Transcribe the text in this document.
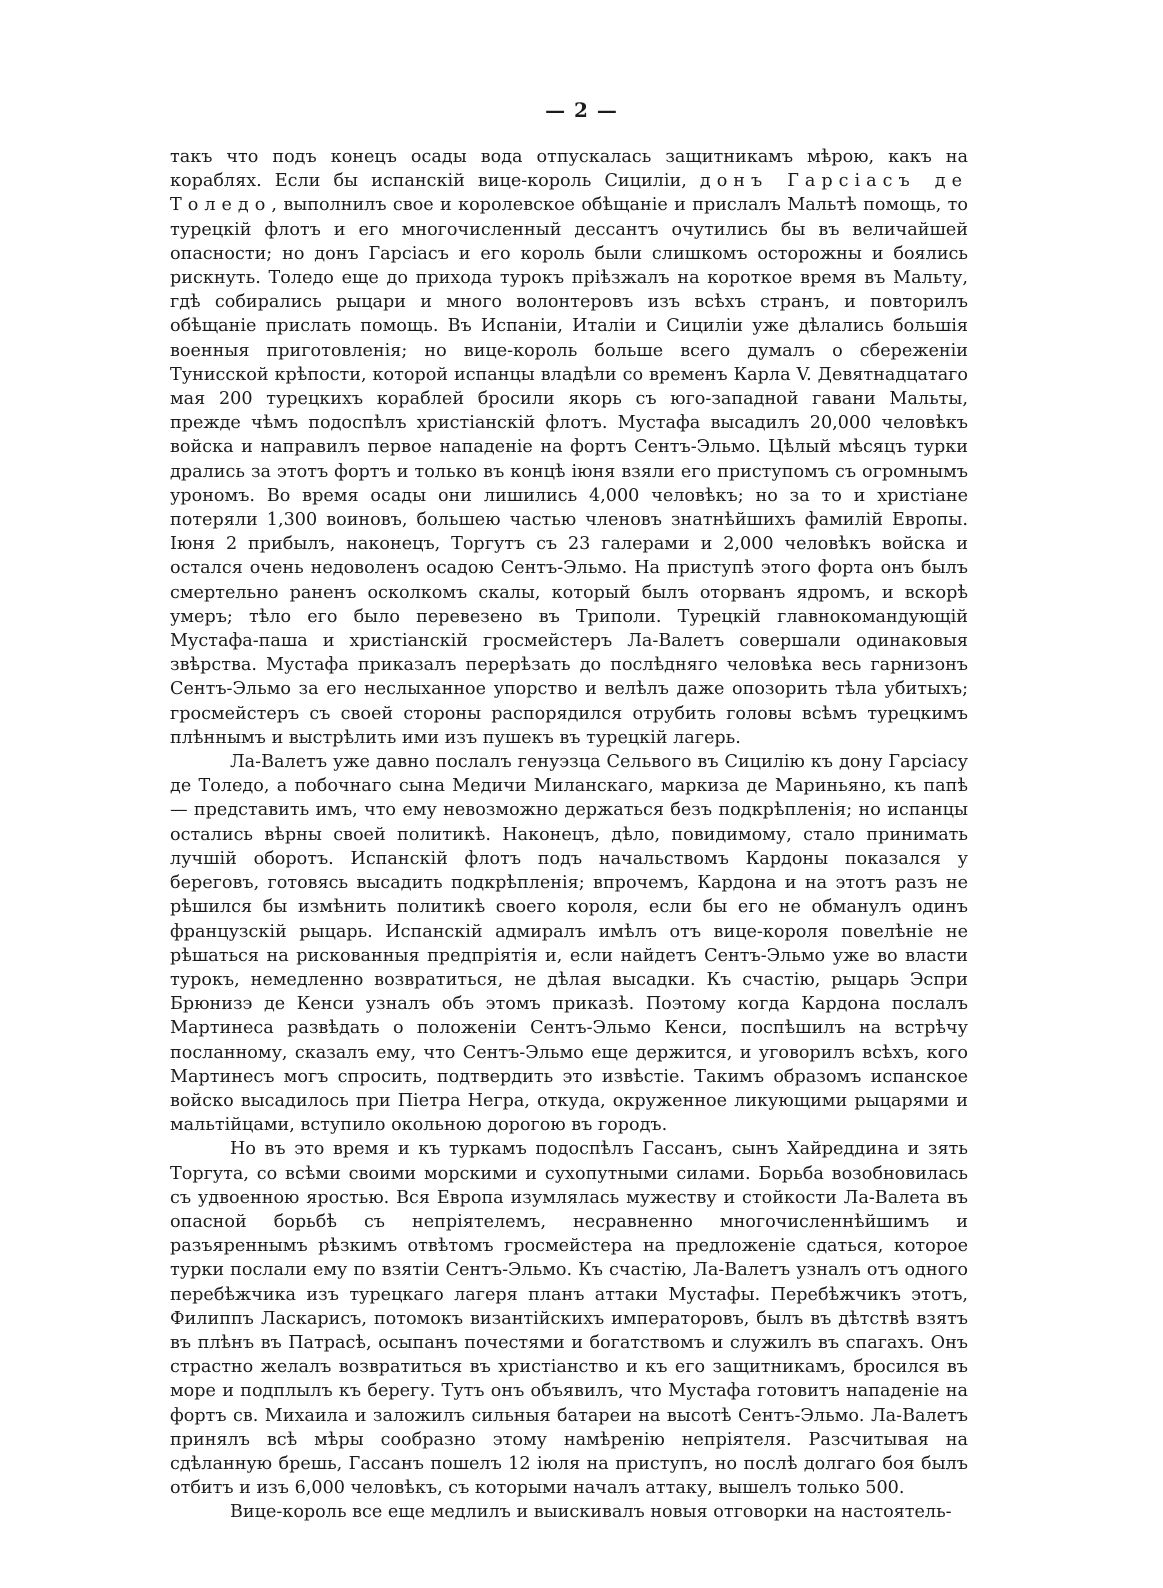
— 2 —

такъ что подъ конецъ осады вода отпускалась защитникамъ мѣрою, какъ на кораблях. Если бы испанскій вице-король Сициліи, донъ Гарсіасъ де Толедо, выполнилъ свое и королевское обѣщаніе и прислалъ Мальтѣ помощь, то турецкій флотъ и его многочисленный дессантъ очутились бы въ величайшей опасности; но донъ Гарсіасъ и его король были слишкомъ осторожны и боялись рискнуть. Толедо еще до прихода турокъ пріѣзжалъ на короткое время въ Мальту, гдѣ собирались рыцари и много волонтеровъ изъ всѣхъ странъ, и повторилъ обѣщаніе прислать помощь. Въ Испаніи, Италіи и Сициліи уже дѣлались большія военныя приготовленія; но вице-король больше всего думалъ о сбереженіи Тунисской крѣпости, которой испанцы владѣли со временъ Карла V. Девятнадцатаго мая 200 турецкихъ кораблей бросили якорь съ юго-западной гавани Мальты, прежде чѣмъ подоспѣлъ христіанскій флотъ. Мустафа высадилъ 20,000 человѣкъ войска и направилъ первое нападеніе на фортъ Сентъ-Эльмо. Цѣлый мѣсяцъ турки дрались за этотъ фортъ и только въ концѣ іюня взяли его приступомъ съ огромнымъ урономъ. Во время осады они лишились 4,000 человѣкъ; но за то и христіане потеряли 1,300 воиновъ, большею частью членовъ знатнѣйшихъ фамилій Европы. Іюня 2 прибылъ, наконецъ, Торгутъ съ 23 галерами и 2,000 человѣкъ войска и остался очень недоволенъ осадою Сентъ-Эльмо. На приступѣ этого форта онъ былъ смертельно раненъ осколкомъ скалы, который былъ оторванъ ядромъ, и вскорѣ умеръ; тѣло его было перевезено въ Триполи. Турецкій главнокомандующій Мустафа-паша и христіанскій гросмейстеръ Ла-Валетъ совершали одинаковыя звѣрства. Мустафа приказалъ перерѣзать до послѣдняго человѣка весь гарнизонъ Сентъ-Эльмо за его неслыханное упорство и велѣлъ даже опозорить тѣла убитыхъ; гросмейстеръ съ своей стороны распорядился отрубить головы всѣмъ турецкимъ плѣннымъ и выстрѣлить ими изъ пушекъ въ турецкій лагерь.

Ла-Валетъ уже давно послалъ генуэзца Сельвого въ Сицилію къ дону Гарсіасу де Толедо, а побочнаго сына Медичи Миланскаго, маркиза де Мариньяно, къ папѣ — представить имъ, что ему невозможно держаться безъ подкрѣпленія; но испанцы остались вѣрны своей политикѣ. Наконецъ, дѣло, повидимому, стало принимать лучшій оборотъ. Испанскій флотъ подъ начальствомъ Кардоны показался у береговъ, готовясь высадить подкрѣпленія; впрочемъ, Кардона и на этотъ разъ не рѣшился бы измѣнить политикѣ своего короля, если бы его не обманулъ одинъ французскій рыцарь. Испанскій адмиралъ имѣлъ отъ вице-короля повелѣніе не рѣшаться на рискованныя предпріятія и, если найдетъ Сентъ-Эльмо уже во власти турокъ, немедленно возвратиться, не дѣлая высадки. Къ счастію, рыцарь Эспри Брюнизэ де Кенси узналъ объ этомъ приказѣ. Поэтому когда Кардона послалъ Мартинеса развѣдать о положеніи Сентъ-Эльмо Кенси, поспѣшилъ на встрѣчу посланному, сказалъ ему, что Сентъ-Эльмо еще держится, и уговорилъ всѣхъ, кого Мартинесъ могъ спросить, подтвердить это извѣстіе. Такимъ образомъ испанское войско высадилось при Піетра Негра, откуда, окруженное ликующими рыцарями и мальтійцами, вступило окольною дорогою въ городъ.

Но въ это время и къ туркамъ подоспѣлъ Гассанъ, сынъ Хайреддина и зять Торгута, со всѣми своими морскими и сухопутными силами. Борьба возобновилась съ удвоенною яростью. Вся Европа изумлялась мужеству и стойкости Ла-Валета въ опасной борьбѣ съ непріятелемъ, несравненно многочисленнѣйшимъ и разъяреннымъ рѣзкимъ отвѣтомъ гросмейстера на предложеніе сдаться, которое турки послали ему по взятіи Сентъ-Эльмо. Къ счастію, Ла-Валетъ узналъ отъ одного перебѣжчика изъ турецкаго лагеря планъ аттаки Мустафы. Перебѣжчикъ этотъ, Филиппъ Ласкарисъ, потомокъ византійскихъ императоровъ, былъ въ дѣтствѣ взятъ въ плѣнъ въ Патрасѣ, осыпанъ почестями и богатствомъ и служилъ въ спагахъ. Онъ страстно желалъ возвратиться въ христіанство и къ его защитникамъ, бросился въ море и подплылъ къ берегу. Тутъ онъ объявилъ, что Мустафа готовитъ нападеніе на фортъ св. Михаила и заложилъ сильныя батареи на высотѣ Сентъ-Эльмо. Ла-Валетъ принялъ всѣ мѣры сообразно этому намѣренію непріятеля. Разсчитывая на сдѣланную брешь, Гассанъ пошелъ 12 іюля на приступъ, но послѣ долгаго боя былъ отбитъ и изъ 6,000 человѣкъ, съ которыми началъ аттаку, вышелъ только 500.

Вице-король все еще медлилъ и выискивалъ новыя отговорки на настоятель-
